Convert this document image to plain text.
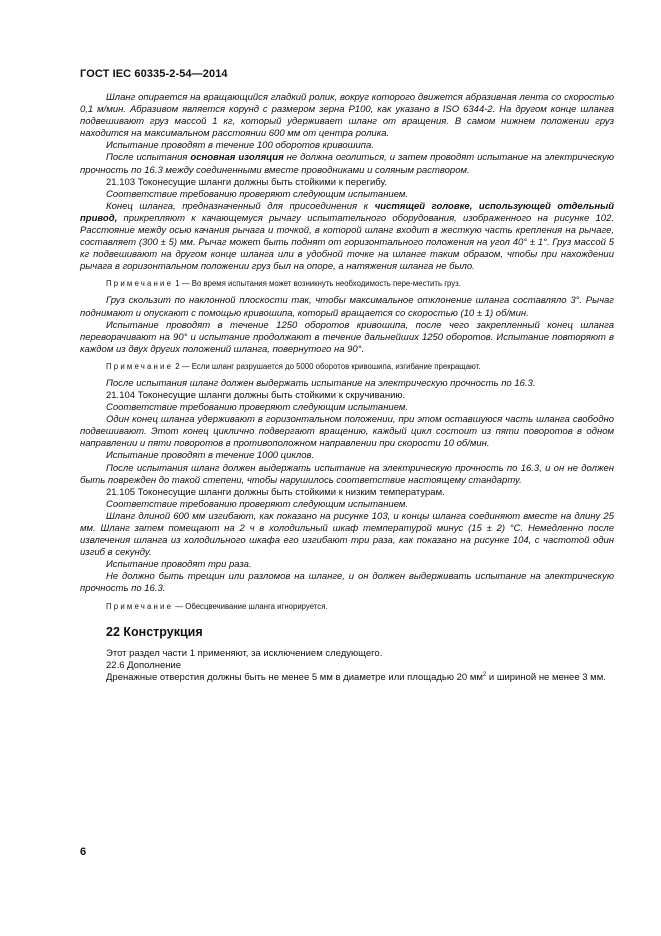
ГОСТ IEC 60335-2-54—2014

Шланг опирается на вращающийся гладкий ролик, вокруг которого движется абразивная лента со скоростью 0,1 м/мин. Абразивом является корунд с размером зерна P100, как указано в ISO 6344-2. На другом конце шланга подвешивают груз массой 1 кг, который удерживает шланг от вращения. В самом нижнем положении груз находится на максимальном расстоянии 600 мм от центра ролика.

Испытание проводят в течение 100 оборотов кривошипа.

После испытания основная изоляция не должна оголиться, и затем проводят испытание на электрическую прочность по 16.3 между соединенными вместе проводниками и соляным раствором.

21.103 Токонесущие шланги должны быть стойкими к перегибу.

Соответствие требованию проверяют следующим испытанием.

Конец шланга, предназначенный для присоединения к чистящей головке, использующей отдельный привод, прикрепляют к качающемуся рычагу испытательного оборудования, изображенного на рисунке 102. Расстояние между осью качания рычага и точкой, в которой шланг входит в жесткую часть крепления на рычаге, составляет (300 ± 5) мм. Рычаг может быть поднят от горизонтального положения на угол 40° ± 1°. Груз массой 5 кг подвешивают на другом конце шланга или в удобной точке на шланге таким образом, чтобы при нахождении рычага в горизонтальном положении груз был на опоре, а натяжения шланга не было.

Примечание 1 — Во время испытания может возникнуть необходимость пере-местить груз.

Груз скользит по наклонной плоскости так, чтобы максимальное отклонение шланга составляло 3°. Рычаг поднимают и опускают с помощью кривошипа, который вращается со скоростью (10 ± 1) об/мин.

Испытание проводят в течение 1250 оборотов кривошипа, после чего закрепленный конец шланга переворачивают на 90° и испытание продолжают в течение дальнейших 1250 оборотов. Испытание повторяют в каждом из двух других положений шланга, повернутого на 90°.

Примечание 2 — Если шланг разрушается до 5000 оборотов кривошипа, изгибание прекращают.

После испытания шланг должен выдержать испытание на электрическую прочность по 16.3.

21.104 Токонесущие шланги должны быть стойкими к скручиванию.

Соответствие требованию проверяют следующим испытанием.

Один конец шланга удерживают в горизонтальном положении, при этом оставшуюся часть шланга свободно подвешивают. Этот конец циклично подвергают вращению, каждый цикл состоит из пяти поворотов в одном направлении и пяти поворотов в противоположном направлении при скорости 10 об/мин.

Испытание проводят в течение 1000 циклов.

После испытания шланг должен выдержать испытание на электрическую прочность по 16.3, и он не должен быть поврежден до такой степени, чтобы нарушилось соответствие настоящему стандарту.

21.105 Токонесущие шланги должны быть стойкими к низким температурам.

Соответствие требованию проверяют следующим испытанием.

Шланг длиной 600 мм изгибают, как показано на рисунке 103, и концы шланга соединяют вместе на длину 25 мм. Шланг затем помещают на 2 ч в холодильный шкаф температурой минус (15 ± 2) °С. Немедленно после извлечения шланга из холодильного шкафа его изгибают три раза, как показано на рисунке 104, с частотой один изгиб в секунду.

Испытание проводят три раза.

Не должно быть трещин или разломов на шланге, и он должен выдерживать испытание на электрическую прочность по 16.3.

Примечание — Обесцвечивание шланга игнорируется.

22 Конструкция

Этот раздел части 1 применяют, за исключением следующего.

22.6 Дополнение

Дренажные отверстия должны быть не менее 5 мм в диаметре или площадью 20 $мм^2$ и шириной не менее 3 мм.

6
